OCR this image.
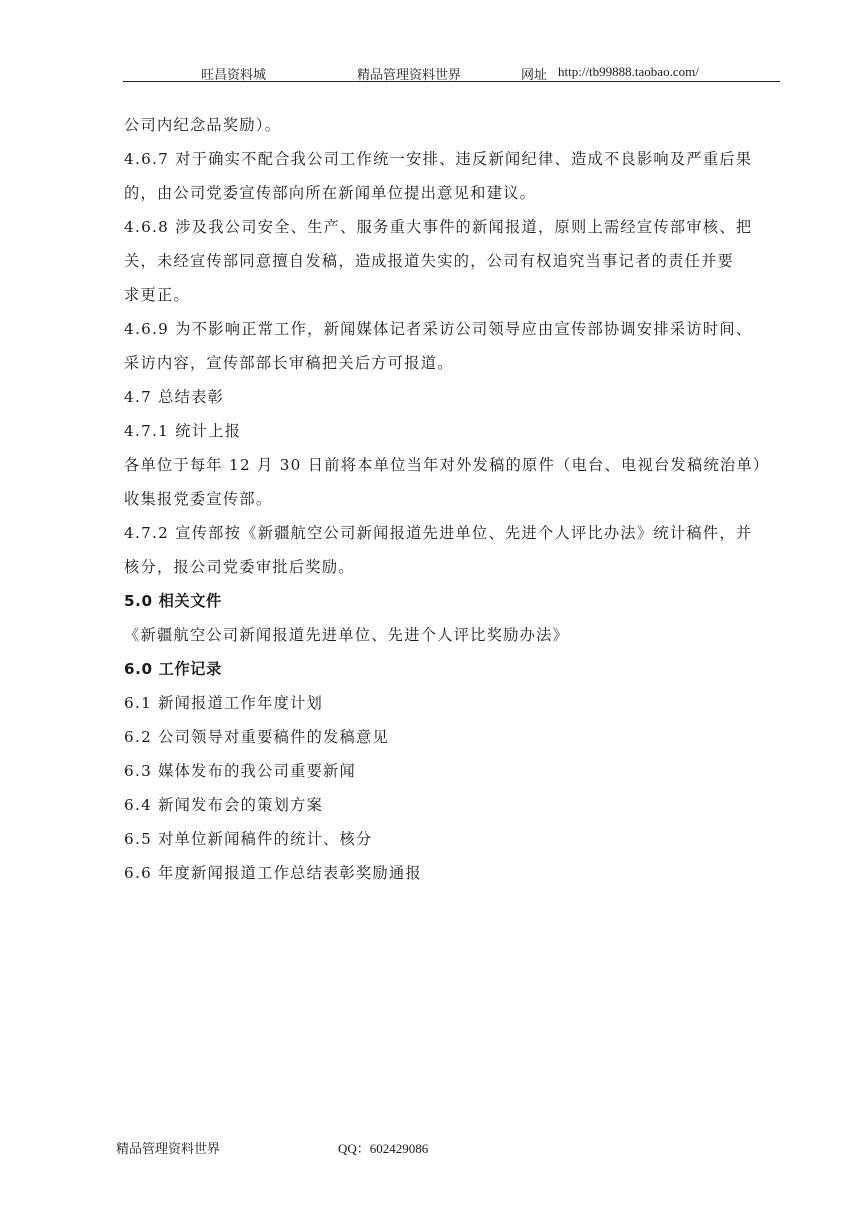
旺昌资料城	精品管理资料世界	网址 http://tb99888.taobao.com/

公司内纪念品奖励）。

4.6.7 对于确实不配合我公司工作统一安排、违反新闻纪律、造成不良影响及严重后果

的，由公司党委宣传部向所在新闻单位提出意见和建议。

4.6.8 涉及我公司安全、生产、服务重大事件的新闻报道，原则上需经宣传部审核、把

关，未经宣传部同意擅自发稿，造成报道失实的，公司有权追究当事记者的责任并要

求更正。

4.6.9 为不影响正常工作，新闻媒体记者采访公司领导应由宣传部协调安排采访时间、

采访内容，宣传部部长审稿把关后方可报道。

4.7 总结表彰

4.7.1 统计上报

各单位于每年 12 月 30 日前将本单位当年对外发稿的原件（电台、电视台发稿统治单）

收集报党委宣传部。

4.7.2 宣传部按《新疆航空公司新闻报道先进单位、先进个人评比办法》统计稿件，并

核分，报公司党委审批后奖励。

5.0 相关文件

《新疆航空公司新闻报道先进单位、先进个人评比奖励办法》

6.0 工作记录

6.1 新闻报道工作年度计划

6.2 公司领导对重要稿件的发稿意见

6.3 媒体发布的我公司重要新闻

6.4 新闻发布会的策划方案

6.5 对单位新闻稿件的统计、核分

6.6 年度新闻报道工作总结表彰奖励通报

精品管理资料世界	QQ：602429086
